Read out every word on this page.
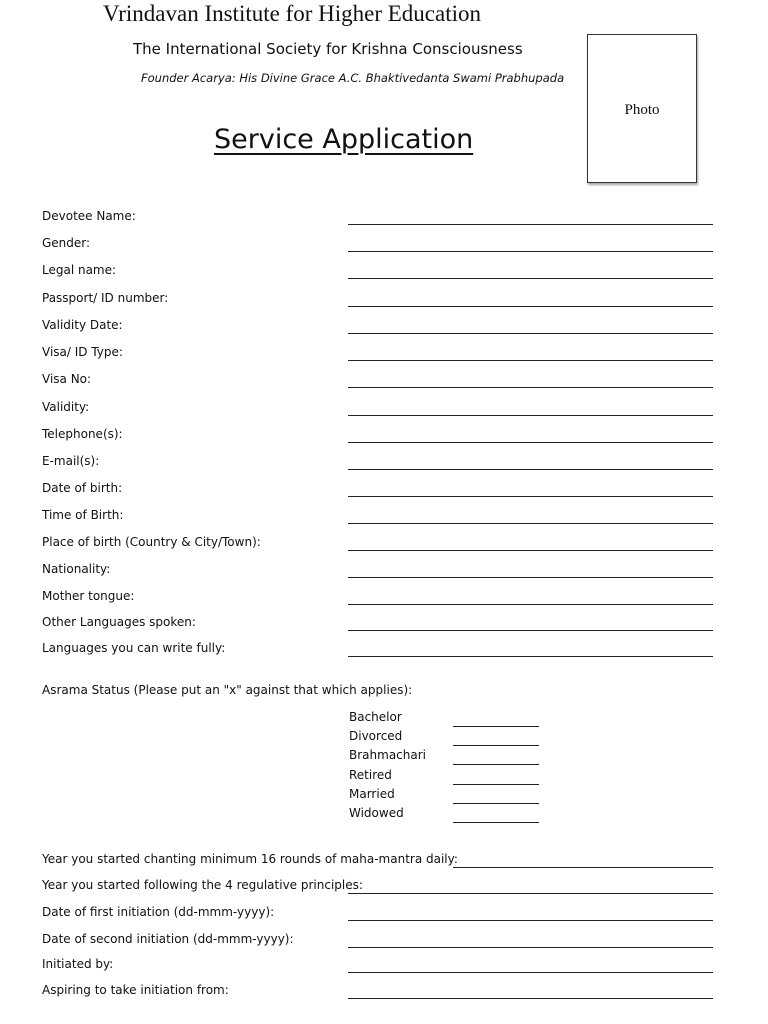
Vrindavan Institute for Higher Education
The International Society for Krishna Consciousness
Founder Acarya: His Divine Grace A.C. Bhaktivedanta Swami Prabhupada
Service Application
Photo
Devotee Name:
Gender:
Legal name:
Passport/ ID number:
Validity Date:
Visa/ ID Type:
Visa No:
Validity:
Telephone(s):
E-mail(s):
Date of birth:
Time of Birth:
Place of birth (Country & City/Town):
Nationality:
Mother tongue:
Other Languages spoken:
Languages you can write fully:
Asrama Status (Please put an "x" against that which applies):
Bachelor
Divorced
Brahmachari
Retired
Married
Widowed
Year you started chanting minimum 16 rounds of maha-mantra daily:
Year you started following the 4 regulative principles:
Date of first initiation (dd-mmm-yyyy):
Date of second initiation (dd-mmm-yyyy):
Initiated by:
Aspiring to take initiation from:
